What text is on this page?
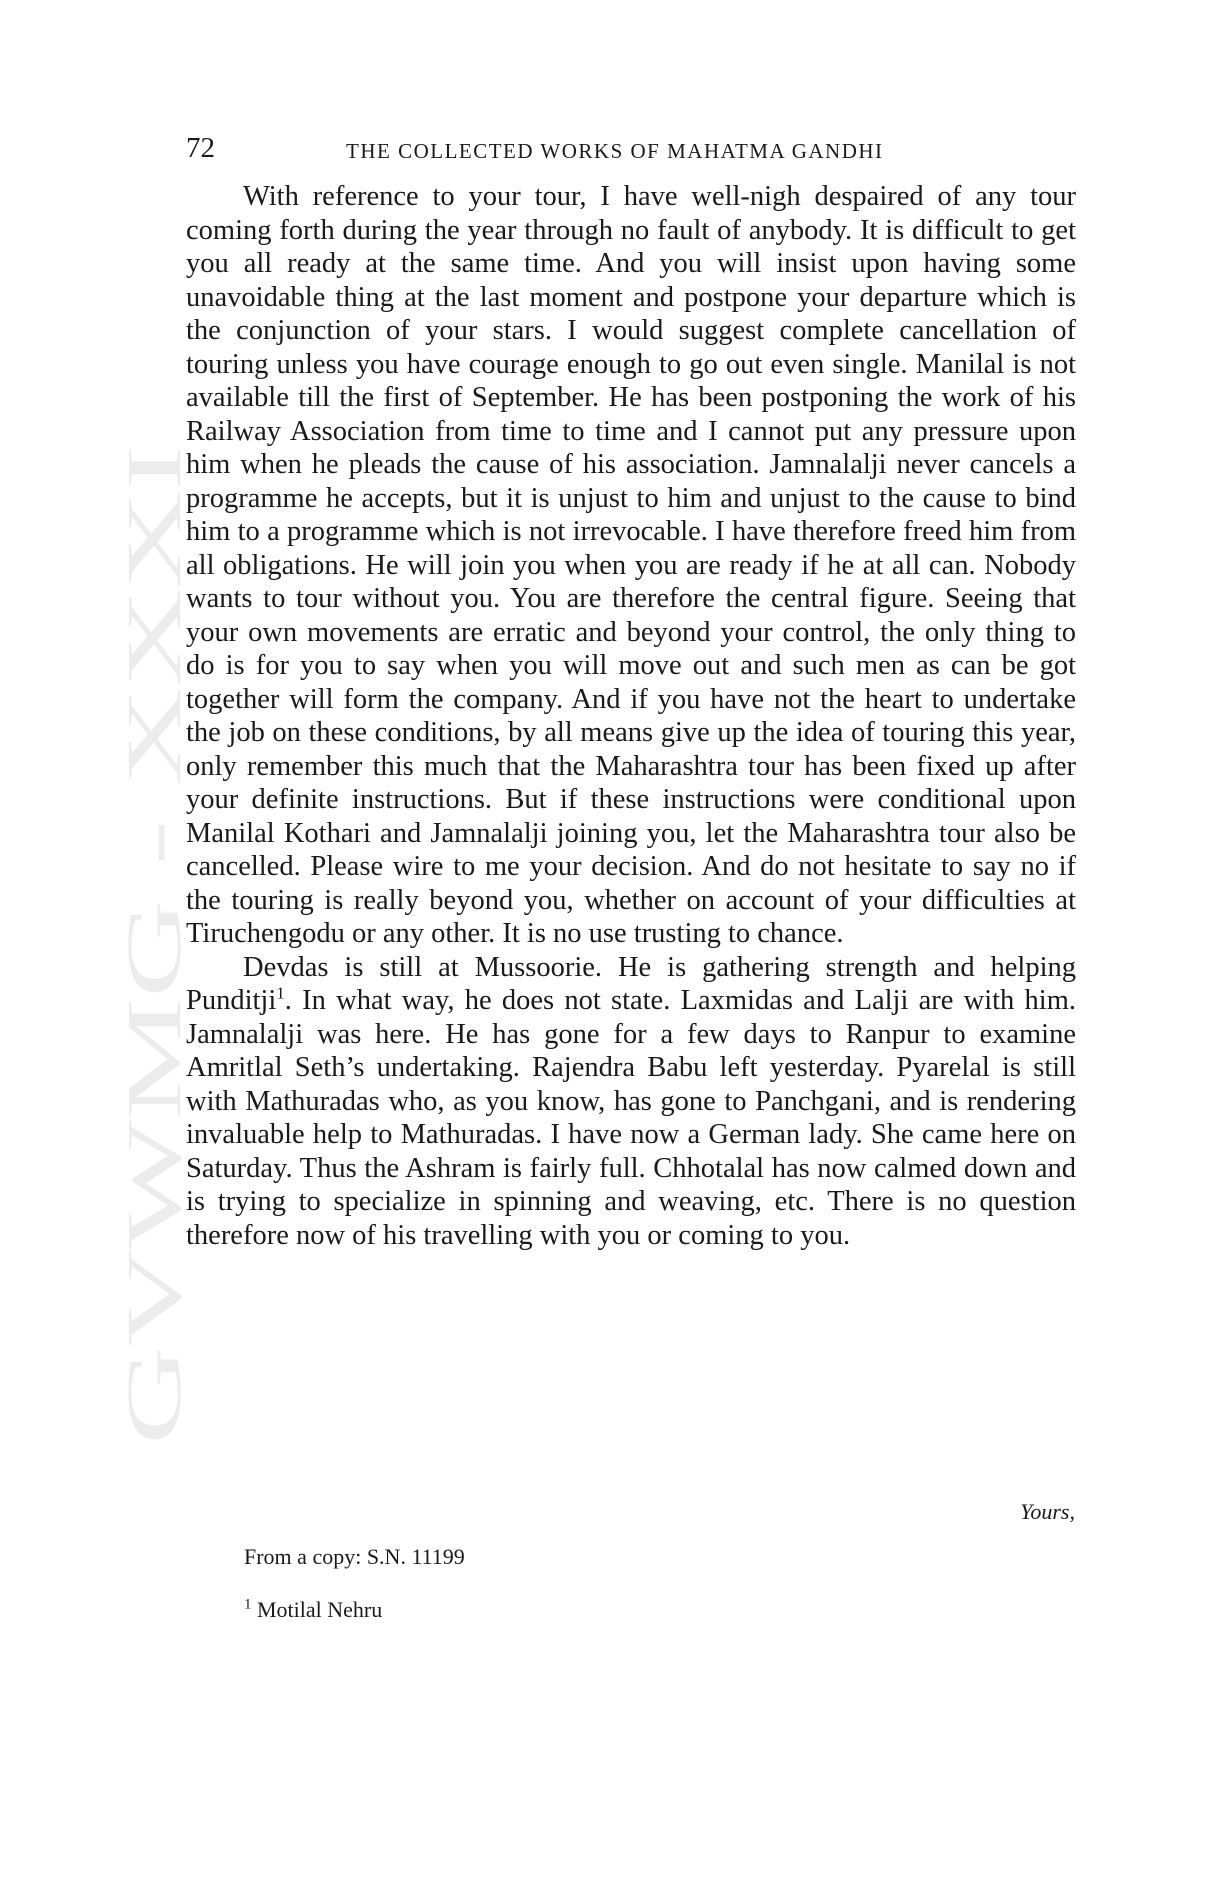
GVWMG - XXXI
72	THE COLLECTED WORKS OF MAHATMA GANDHI

With reference to your tour, I have well-nigh despaired of any tour coming forth during the year through no fault of anybody. It is difficult to get you all ready at the same time. And you will insist upon having some unavoidable thing at the last moment and postpone your departure which is the conjunction of your stars. I would suggest complete cancellation of touring unless you have courage enough to go out even single. Manilal is not available till the first of September. He has been postponing the work of his Railway Association from time to time and I cannot put any pressure upon him when he pleads the cause of his association. Jamnalalji never cancels a programme he accepts, but it is unjust to him and unjust to the cause to bind him to a programme which is not irrevocable. I have therefore freed him from all obligations. He will join you when you are ready if he at all can. Nobody wants to tour without you. You are therefore the central figure. Seeing that your own movements are erratic and beyond your control, the only thing to do is for you to say when you will move out and such men as can be got together will form the company. And if you have not the heart to undertake the job on these conditions, by all means give up the idea of touring this year, only remember this much that the Maharashtra tour has been fixed up after your definite instructions. But if these instructions were conditional upon Manilal Kothari and Jamnalalji joining you, let the Maharashtra tour also be cancelled. Please wire to me your decision. And do not hesitate to say no if the touring is really beyond you, whether on account of your difficulties at Tiruchengodu or any other. It is no use trusting to chance.

Devdas is still at Mussoorie. He is gathering strength and helping Punditji$^1$. In what way, he does not state. Laxmidas and Lalji are with him. Jamnalalji was here. He has gone for a few days to Ranpur to examine Amritlal Seth’s undertaking. Rajendra Babu left yesterday. Pyarelal is still with Mathuradas who, as you know, has gone to Panchgani, and is rendering invaluable help to Mathuradas. I have now a German lady. She came here on Saturday. Thus the Ashram is fairly full. Chhotalal has now calmed down and is trying to specialize in spinning and weaving, etc. There is no question therefore now of his travelling with you or coming to you.

Yours,
From a copy: S.N. 11199
$^1$ Motilal Nehru
